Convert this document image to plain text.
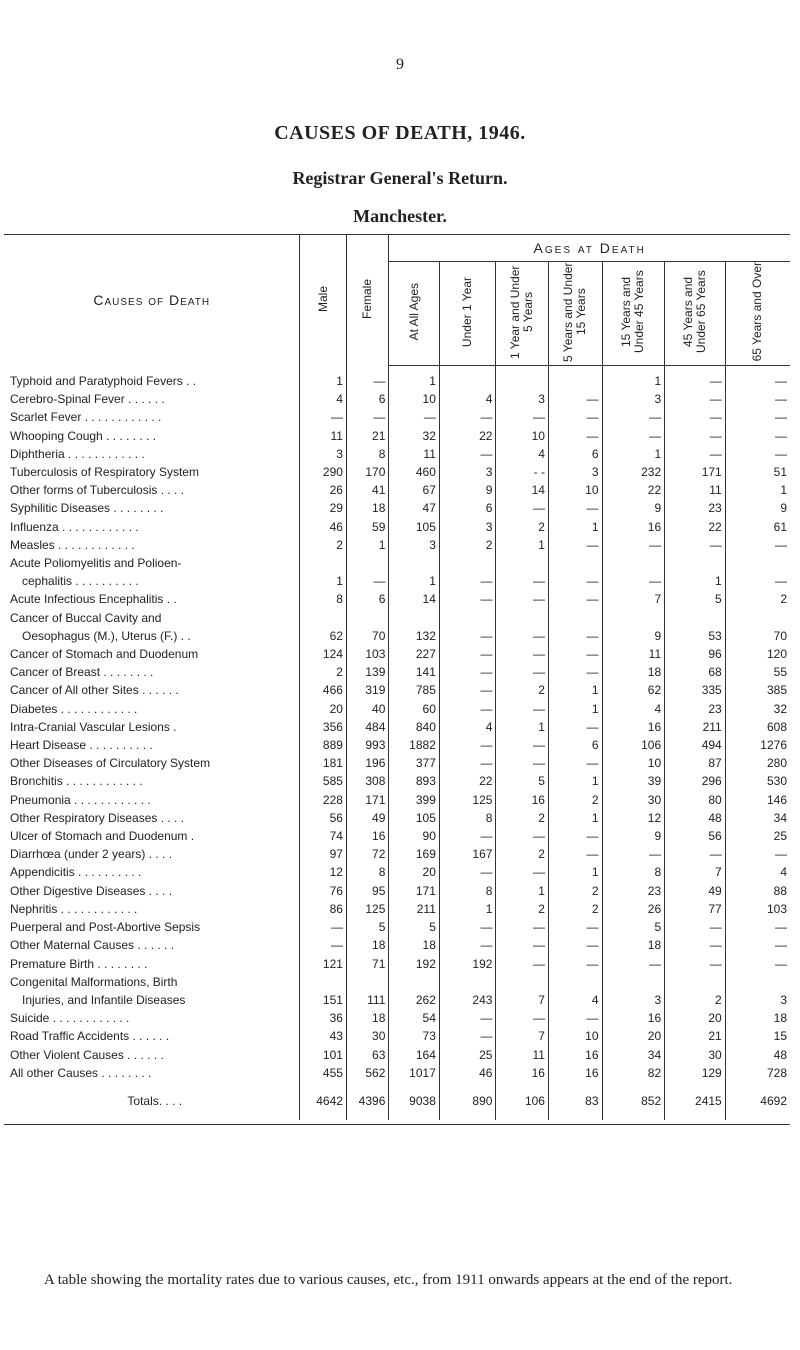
9
CAUSES OF DEATH, 1946.
Registrar General's Return.
Manchester.
Causes of Death	Male	Female	Ages at Death						
			At All Ages	Under 1 Year	1 Year and Under 5 Years	5 Years and Under 15 Years	15 Years and Under 45 Years	45 Years and Under 65 Years	65 Years and Over
Typhoid and Paratyphoid Fevers . .	1	—	1				1	—	—
Cerebro-Spinal Fever . . . . . .	4	6	10	4	3	—	3	—	—
Scarlet Fever . . . . . . . . . . . .	—	—	—	—	—	—	—	—	—
Whooping Cough . . . . . . . .	11	21	32	22	10	—	—	—	—
Diphtheria . . . . . . . . . . . .	3	8	11	—	4	6	1	—	—
Tuberculosis of Respiratory System	290	170	460	3	- -	3	232	171	51
Other forms of Tuberculosis . . . .	26	41	67	9	14	10	22	11	1
Syphilitic Diseases . . . . . . . .	29	18	47	6	—	—	9	23	9
Influenza . . . . . . . . . . . .	46	59	105	3	2	1	16	22	61
Measles . . . . . . . . . . . .	2	1	3	2	1	—	—	—	—
Acute Poliomyelitis and Polioen-									
cephalitis . . . . . . . . . .	1	—	1	—	—	—	—	1	—
Acute Infectious Encephalitis . .	8	6	14	—	—	—	7	5	2
Cancer of Buccal Cavity and									
Oesophagus (M.), Uterus (F.) . .	62	70	132	—	—	—	9	53	70
Cancer of Stomach and Duodenum	124	103	227	—	—	—	11	96	120
Cancer of Breast . . . . . . . .	2	139	141	—	—	—	18	68	55
Cancer of All other Sites . . . . . .	466	319	785	—	2	1	62	335	385
Diabetes . . . . . . . . . . . .	20	40	60	—	—	1	4	23	32
Intra-Cranial Vascular Lesions .	356	484	840	4	1	—	16	211	608
Heart Disease . . . . . . . . . .	889	993	1882	—	—	6	106	494	1276
Other Diseases of Circulatory System	181	196	377	—	—	—	10	87	280
Bronchitis . . . . . . . . . . . .	585	308	893	22	5	1	39	296	530
Pneumonia . . . . . . . . . . . .	228	171	399	125	16	2	30	80	146
Other Respiratory Diseases . . . .	56	49	105	8	2	1	12	48	34
Ulcer of Stomach and Duodenum .	74	16	90	—	—	—	9	56	25
Diarrhœa (under 2 years) . . . .	97	72	169	167	2	—	—	—	—
Appendicitis . . . . . . . . . .	12	8	20	—	—	1	8	7	4
Other Digestive Diseases . . . .	76	95	171	8	1	2	23	49	88
Nephritis . . . . . . . . . . . .	86	125	211	1	2	2	26	77	103
Puerperal and Post-Abortive Sepsis	—	5	5	—	—	—	5	—	—
Other Maternal Causes . . . . . .	—	18	18	—	—	—	18	—	—
Premature Birth . . . . . . . .	121	71	192	192	—	—	—	—	—
Congenital Malformations, Birth									
Injuries, and Infantile Diseases	151	111	262	243	7	4	3	2	3
Suicide . . . . . . . . . . . .	36	18	54	—	—	—	16	20	18
Road Traffic Accidents . . . . . .	43	30	73	—	7	10	20	21	15
Other Violent Causes . . . . . .	101	63	164	25	11	16	34	30	48
All other Causes . . . . . . . .	455	562	1017	46	16	16	82	129	728
Totals. . . .	4642	4396	9038	890	106	83	852	2415	4692

A table showing the mortality rates due to various causes, etc., from 1911 onwards appears at the end of the report.
